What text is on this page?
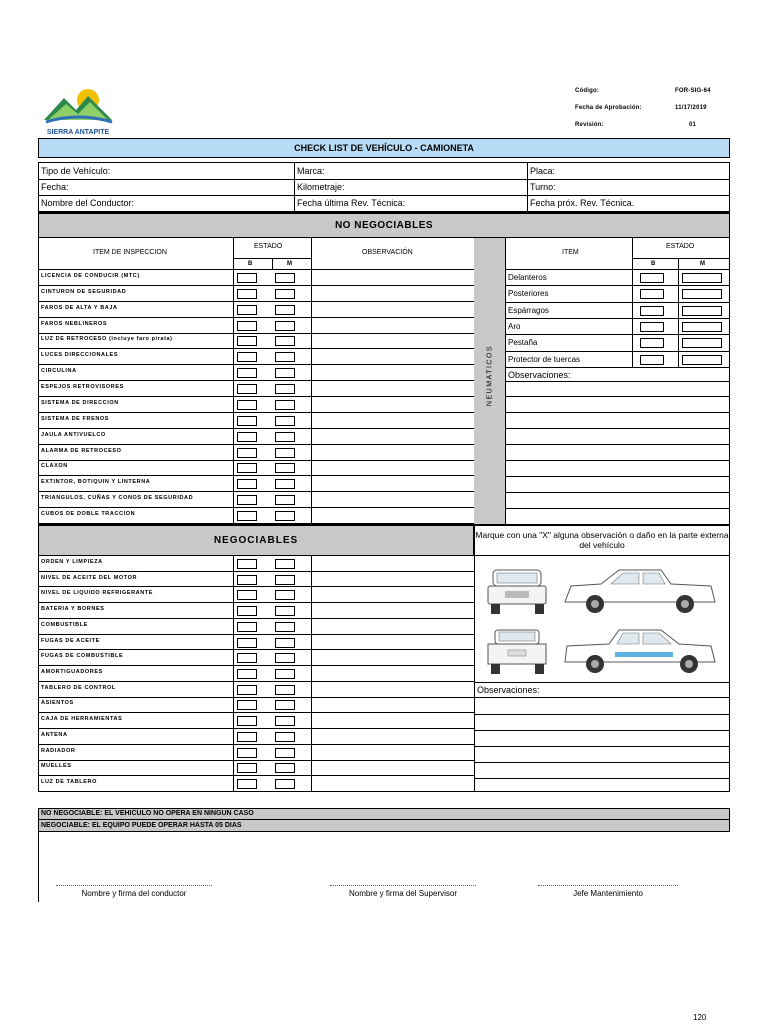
SIERRA ANTAPITE
Código:	FOR-SIG-64
Fecha de Aprobación:	11/17/2019
Revisión:	01
CHECK LIST DE VEHÍCULO - CAMIONETA
Tipo de Vehículo:	Marca:	Placa:
Fecha:	Kilometraje:	Turno:
Nombre del Conductor:	Fecha última Rev. Técnica:	Fecha próx. Rev. Técnica.
NO NEGOCIABLES
ITEM DE INSPECCION
ESTADO
B	M
OBSERVACIÓN
LICENCIA DE CONDUCIR (MTC)
CINTURON DE SEGURIDAD
FAROS DE ALTA Y BAJA
FAROS NEBLINEROS
LUZ DE RETROCESO (incluye faro pirata)
LUCES DIRECCIONALES
CIRCULINA
ESPEJOS RETROVISORES
SISTEMA DE DIRECCION
SISTEMA DE FRENOS
JAULA ANTIVUELCO
ALARMA DE RETROCESO
CLAXON
EXTINTOR, BOTIQUIN Y LINTERNA
TRIANGULOS, CUÑAS Y CONOS DE SEGURIDAD
CUBOS DE DOBLE TRACCION
NEUMATICOS
ITEM
ESTADO
B	M
Delanteros
Posteriores
Espárragos
Aro
Pestaña
Protector de tuercas
Observaciones:
NEGOCIABLES	Marque con una "X" alguna observación o daño en la parte externa del vehículo
ORDEN Y LIMPIEZA
NIVEL DE ACEITE DEL MOTOR
NIVEL DE LIQUIDO REFRIGERANTE
BATERIA Y BORNES
COMBUSTIBLE
FUGAS DE ACEITE
FUGAS DE COMBUSTIBLE
AMORTIGUADORES
TABLERO DE CONTROL
ASIENTOS
CAJA DE HERRAMIENTAS
ANTENA
RADIADOR
MUELLES
LUZ DE TABLERO
Observaciones:
NO NEGOCIABLE: EL VEHICULO NO OPERA EN NINGUN CASO
NEGOCIABLE: EL EQUIPO PUEDE OPERAR HASTA 05 DIAS
Nombre y firma del conductor	Nombre y firma del Supervisor	Jefe Mantenimiento
120
